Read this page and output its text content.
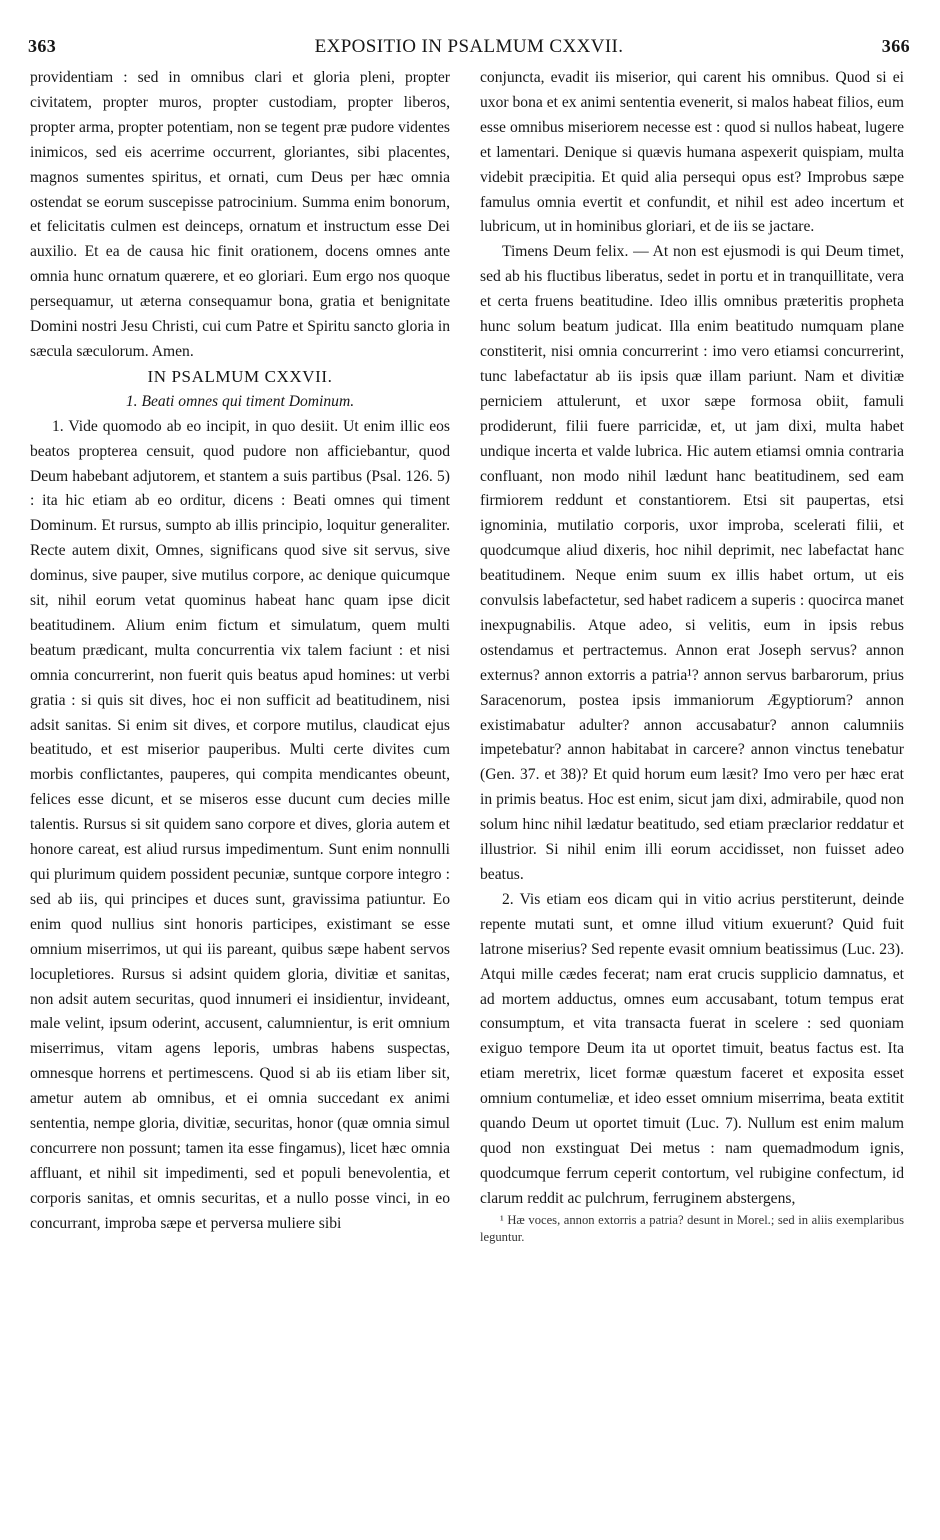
363	EXPOSITIO IN PSALMUM CXXVII.	366

providentiam : sed in omnibus clari et gloria pleni, propter civitatem, propter muros, propter custodiam, propter liberos, propter arma, propter potentiam, non se tegent præ pudore videntes inimicos, sed eis acerrime occurrent, gloriantes, sibi placentes, magnos sumentes spiritus, et ornati, cum Deus per hæc omnia ostendat se eorum suscepisse patrocinium. Summa enim bonorum, et felicitatis culmen est deinceps, ornatum et instructum esse Dei auxilio. Et ea de causa hic finit orationem, docens omnes ante omnia hunc ornatum quærere, et eo gloriari. Eum ergo nos quoque persequamur, ut æterna consequamur bona, gratia et benignitate Domini nostri Jesu Christi, cui cum Patre et Spiritu sancto gloria in sæcula sæculorum. Amen.

IN PSALMUM CXXVII.

1. Beati omnes qui timent Dominum.

1. Vide quomodo ab eo incipit, in quo desiit. Ut enim illic eos beatos propterea censuit, quod pudore non afficiebantur, quod Deum habebant adjutorem, et stantem a suis partibus (Psal. 126. 5) : ita hic etiam ab eo orditur, dicens : Beati omnes qui timent Dominum. Et rursus, sumpto ab illis principio, loquitur generaliter. Recte autem dixit, Omnes, significans quod sive sit servus, sive dominus, sive pauper, sive mutilus corpore, ac denique quicumque sit, nihil eorum vetat quominus habeat hanc quam ipse dicit beatitudinem. Alium enim fictum et simulatum, quem multi beatum prædicant, multa concurrentia vix talem faciunt : et nisi omnia concurrerint, non fuerit quis beatus apud homines: ut verbi gratia : si quis sit dives, hoc ei non sufficit ad beatitudinem, nisi adsit sanitas. Si enim sit dives, et corpore mutilus, claudicat ejus beatitudo, et est miserior pauperibus. Multi certe divites cum morbis conflictantes, pauperes, qui compita mendicantes obeunt, felices esse dicunt, et se miseros esse ducunt cum decies mille talentis. Rursus si sit quidem sano corpore et dives, gloria autem et honore careat, est aliud rursus impedimentum. Sunt enim nonnulli qui plurimum quidem possident pecuniæ, suntque corpore integro : sed ab iis, qui principes et duces sunt, gravissima patiuntur. Eo enim quod nullius sint honoris participes, existimant se esse omnium miserrimos, ut qui iis pareant, quibus sæpe habent servos locupletiores. Rursus si adsint quidem gloria, divitiæ et sanitas, non adsit autem securitas, quod innumeri ei insidientur, invideant, male velint, ipsum oderint, accusent, calumnientur, is erit omnium miserrimus, vitam agens leporis, umbras habens suspectas, omnesque horrens et pertimescens. Quod si ab iis etiam liber sit, ametur autem ab omnibus, et ei omnia succedant ex animi sententia, nempe gloria, divitiæ, securitas, honor (quæ omnia simul concurrere non possunt; tamen ita esse fingamus), licet hæc omnia affluant, et nihil sit impedimenti, sed et populi benevolentia, et corporis sanitas, et omnis securitas, et a nullo posse vinci, in eo concurrant, improba sæpe et perversa muliere sibi

conjuncta, evadit iis miserior, qui carent his omnibus. Quod si ei uxor bona et ex animi sententia evenerit, si malos habeat filios, eum esse omnibus miseriorem necesse est : quod si nullos habeat, lugere et lamentari. Denique si quævis humana aspexerit quispiam, multa videbit præcipitia. Et quid alia persequi opus est? Improbus sæpe famulus omnia evertit et confundit, et nihil est adeo incertum et lubricum, ut in hominibus gloriari, et de iis se jactare.

Timens Deum felix. — At non est ejusmodi is qui Deum timet, sed ab his fluctibus liberatus, sedet in portu et in tranquillitate, vera et certa fruens beatitudine. Ideo illis omnibus præteritis propheta hunc solum beatum judicat. Illa enim beatitudo numquam plane constiterit, nisi omnia concurrerint : imo vero etiamsi concurrerint, tunc labefactatur ab iis ipsis quæ illam pariunt. Nam et divitiæ perniciem attulerunt, et uxor sæpe formosa obiit, famuli prodiderunt, filii fuere parricidæ, et, ut jam dixi, multa habet undique incerta et valde lubrica. Hic autem etiamsi omnia contraria confluant, non modo nihil lædunt hanc beatitudinem, sed eam firmiorem reddunt et constantiorem. Etsi sit paupertas, etsi ignominia, mutilatio corporis, uxor improba, scelerati filii, et quodcumque aliud dixeris, hoc nihil deprimit, nec labefactat hanc beatitudinem. Neque enim suum ex illis habet ortum, ut eis convulsis labefactetur, sed habet radicem a superis : quocirca manet inexpugnabilis. Atque adeo, si velitis, eum in ipsis rebus ostendamus et pertractemus. Annon erat Joseph servus? annon externus? annon extorris a patria¹? annon servus barbarorum, prius Saracenorum, postea ipsis immaniorum Ægyptiorum? annon existimabatur adulter? annon accusabatur? annon calumniis impetebatur? annon habitabat in carcere? annon vinctus tenebatur (Gen. 37. et 38)? Et quid horum eum læsit? Imo vero per hæc erat in primis beatus. Hoc est enim, sicut jam dixi, admirabile, quod non solum hinc nihil lædatur beatitudo, sed etiam præclarior reddatur et illustrior. Si nihil enim illi eorum accidisset, non fuisset adeo beatus.

2. Vis etiam eos dicam qui in vitio acrius perstiterunt, deinde repente mutati sunt, et omne illud vitium exuerunt? Quid fuit latrone miserius? Sed repente evasit omnium beatissimus (Luc. 23). Atqui mille cædes fecerat; nam erat crucis supplicio damnatus, et ad mortem adductus, omnes eum accusabant, totum tempus erat consumptum, et vita transacta fuerat in scelere : sed quoniam exiguo tempore Deum ita ut oportet timuit, beatus factus est. Ita etiam meretrix, licet formæ quæstum faceret et exposita esset omnium contumeliæ, et ideo esset omnium miserrima, beata extitit quando Deum ut oportet timuit (Luc. 7). Nullum est enim malum quod non exstinguat Dei metus : nam quemadmodum ignis, quodcumque ferrum ceperit contortum, vel rubigine confectum, id clarum reddit ac pulchrum, ferruginem abstergens,

¹ Hæ voces, annon extorris a patria? desunt in Morel.; sed in aliis exemplaribus leguntur.
